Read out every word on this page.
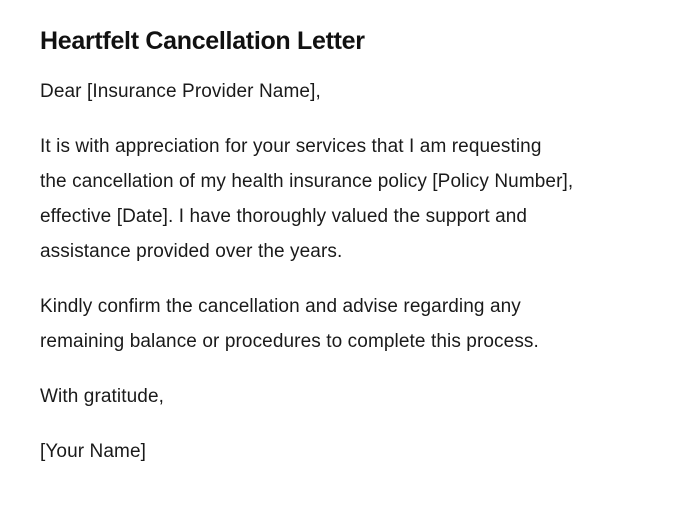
Heartfelt Cancellation Letter

Dear [Insurance Provider Name],

It is with appreciation for your services that I am requesting
the cancellation of my health insurance policy [Policy Number],
effective [Date]. I have thoroughly valued the support and
assistance provided over the years.

Kindly confirm the cancellation and advise regarding any
remaining balance or procedures to complete this process.

With gratitude,

[Your Name]
